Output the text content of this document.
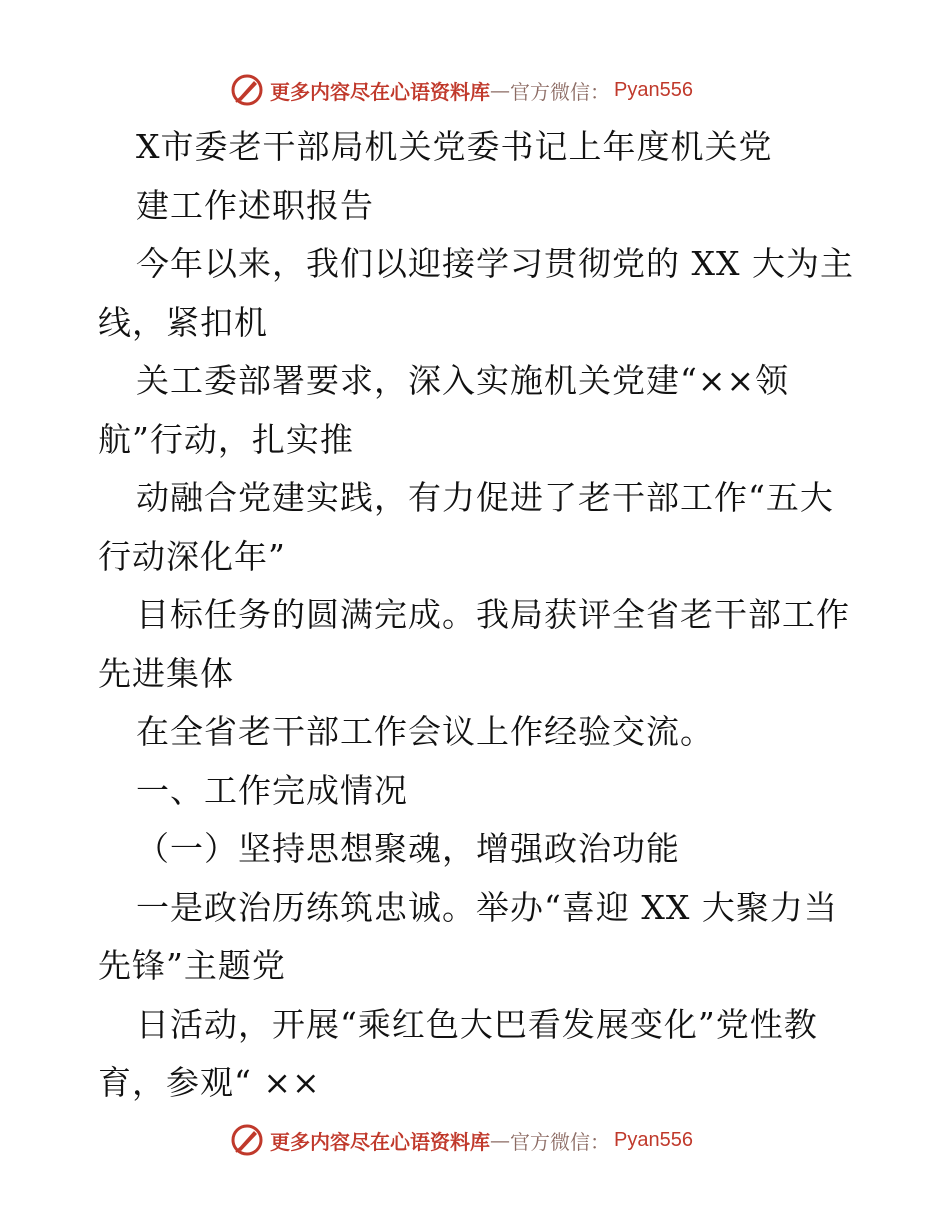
更多内容尽在心语资料库 — 官方微信： Pyan556
X市委老干部局机关党委书记上年度机关党
建工作述职报告
今年以来，我们以迎接学习贯彻党的 XX 大为主
线，紧扣机
关工委部署要求，深入实施机关党建“××领
航”行动，扎实推
动融合党建实践，有力促进了老干部工作“五大
行动深化年”
目标任务的圆满完成。我局获评全省老干部工作
先进集体
在全省老干部工作会议上作经验交流。
一、工作完成情况
（一）坚持思想聚魂，增强政治功能
一是政治历练筑忠诚。举办“喜迎 XX 大聚力当
先锋”主题党
日活动，开展“乘红色大巴看发展变化”党性教
育，参观“ ××
更多内容尽在心语资料库 — 官方微信： Pyan556
